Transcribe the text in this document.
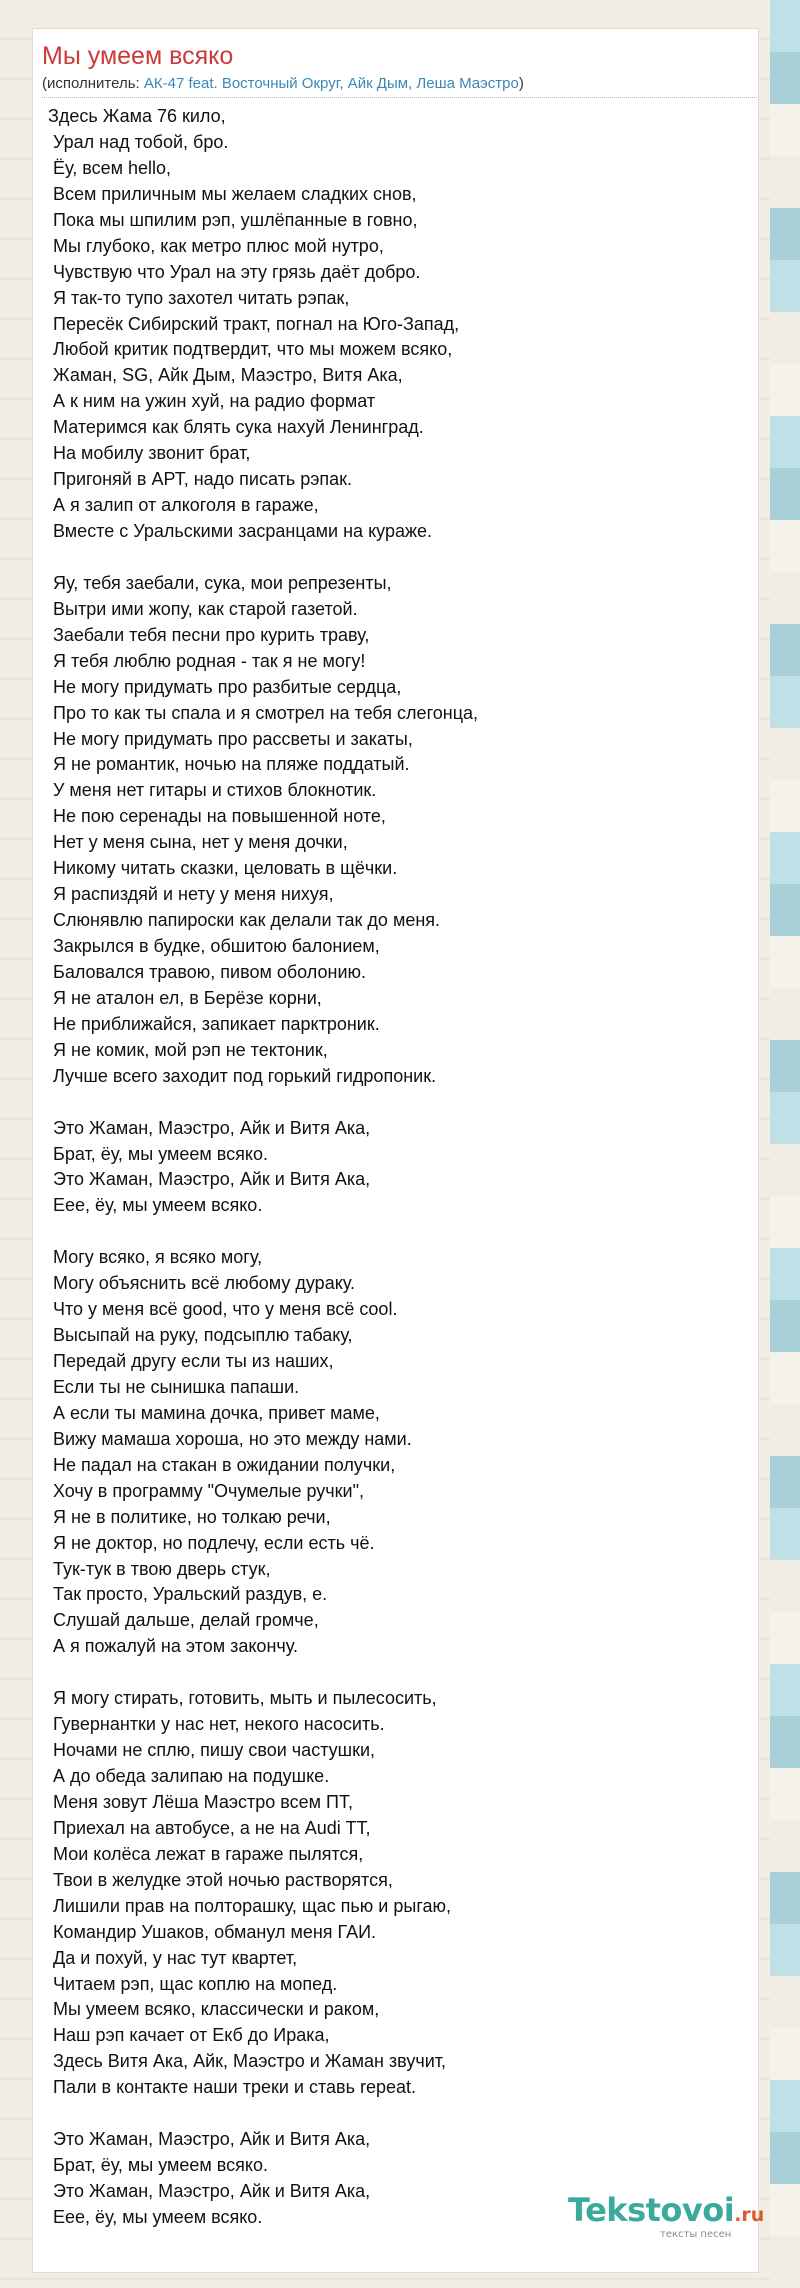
Мы умеем всяко
(исполнитель: АК-47 feat. Восточный Округ, Айк Дым, Леша Маэстро)
Здесь Жама 76 кило,
Урал над тобой, бро.
Ёу, всем hello,
Всем приличным мы желаем сладких снов,
Пока мы шпилим рэп, ушлёпанные в говно,
Мы глубоко, как метро плюс мой нутро,
Чувствую что Урал на эту грязь даёт добро.
Я так-то тупо захотел читать рэпак,
Пересёк Сибирский тракт, погнал на Юго-Запад,
Любой критик подтвердит, что мы можем всяко,
Жаман, SG, Айк Дым, Маэстро, Витя Ака,
А к ним на ужин хуй, на радио формат
Материмся как блять сука нахуй Ленинград.
На мобилу звонит брат,
Пригоняй в АРТ, надо писать рэпак.
А я залип от алкоголя в гараже,
Вместе с Уральскими засранцами на кураже.
Яу, тебя заебали, сука, мои репрезенты,
Вытри ими жопу, как старой газетой.
Заебали тебя песни про курить траву,
Я тебя люблю родная - так я не могу!
Не могу придумать про разбитые сердца,
Про то как ты спала и я смотрел на тебя слегонца,
Не могу придумать про рассветы и закаты,
Я не романтик, ночью на пляже поддатый.
У меня нет гитары и стихов блокнотик.
Не пою серенады на повышенной ноте,
Нет у меня сына, нет у меня дочки,
Никому читать сказки, целовать в щёчки.
Я распиздяй и нету у меня нихуя,
Слюнявлю папироски как делали так до меня.
Закрылся в будке, обшитою балонием,
Баловался травою, пивом оболонию.
Я не аталон ел, в Берёзе корни,
Не приближайся, запикает парктроник.
Я не комик, мой рэп не тектоник,
Лучше всего заходит под горький гидропоник.
Это Жаман, Маэстро, Айк и Витя Ака,
Брат, ёу, мы умеем всяко.
Это Жаман, Маэстро, Айк и Витя Ака,
Еее, ёу, мы умеем всяко.
Могу всяко, я всяко могу,
Могу объяснить всё любому дураку.
Что у меня всё good, что у меня всё cool.
Высыпай на руку, подсыплю табаку,
Передай другу если ты из наших,
Если ты не сынишка папаши.
А если ты мамина дочка, привет маме,
Вижу мамаша хороша, но это между нами.
Не падал на стакан в ожидании получки,
Хочу в программу "Очумелые ручки",
Я не в политике, но толкаю речи,
Я не доктор, но подлечу, если есть чё.
Тук-тук в твою дверь стук,
Так просто, Уральский раздув, е.
Слушай дальше, делай громче,
А я пожалуй на этом закончу.
Я могу стирать, готовить, мыть и пылесосить,
Гувернантки у нас нет, некого насосить.
Ночами не сплю, пишу свои частушки,
А до обеда залипаю на подушке.
Меня зовут Лёша Маэстро всем ПТ,
Приехал на автобусе, а не на Audi TT,
Мои колёса лежат в гараже пылятся,
Твои в желудке этой ночью растворятся,
Лишили прав на полторашку, щас пью и рыгаю,
Командир Ушаков, обманул меня ГАИ.
Да и похуй, у нас тут квартет,
Читаем рэп, щас коплю на мопед.
Мы умеем всяко, классически и раком,
Наш рэп качает от Екб до Ирака,
Здесь Витя Ака, Айк, Маэстро и Жаман звучит,
Пали в контакте наши треки и ставь repeat.
Это Жаман, Маэстро, Айк и Витя Ака,
Брат, ёу, мы умеем всяко.
Это Жаман, Маэстро, Айк и Витя Ака,
Еее, ёу, мы умеем всяко.	Tekstovoi.ru
тексты песен
